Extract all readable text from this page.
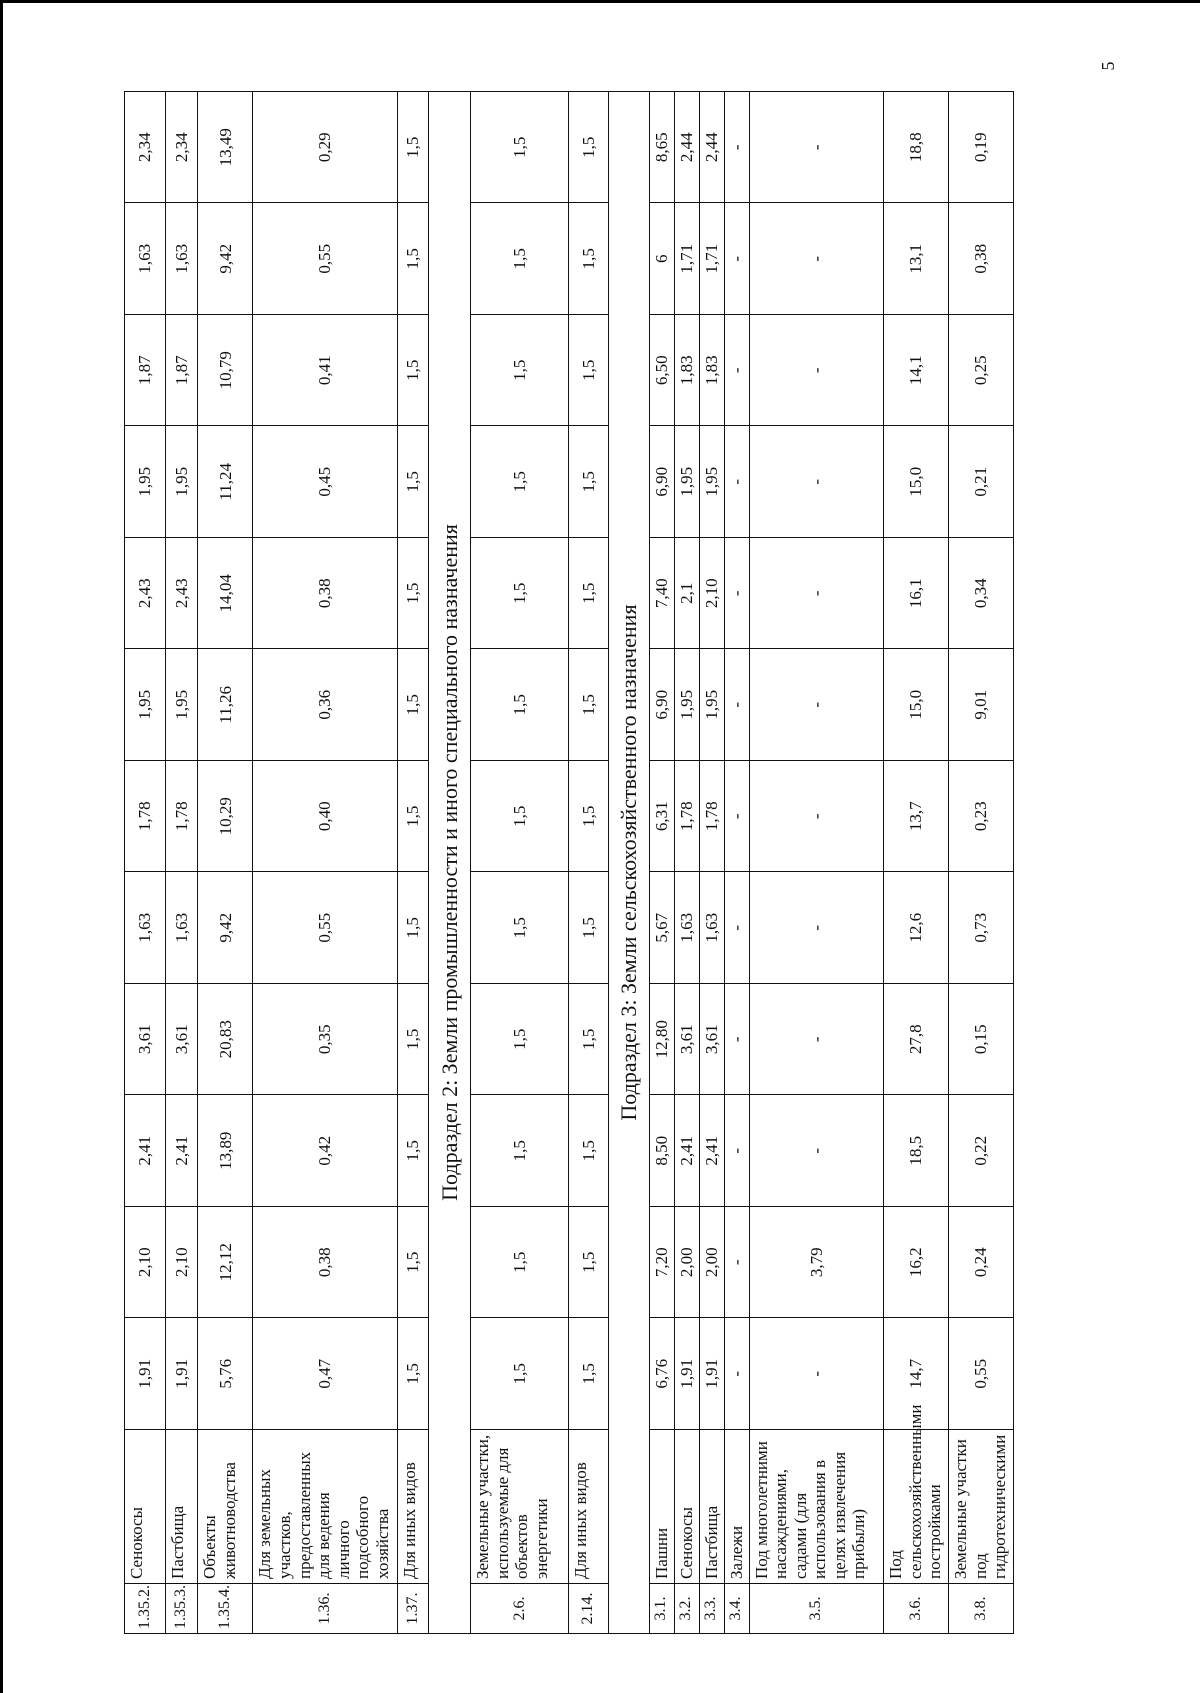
5
1.35.2.	Сенокосы	1,91	2,10	2,41	3,61	1,63	1,78	1,95	2,43	1,95	1,87	1,63	2,34
1.35.3.	Пастбища	1,91	2,10	2,41	3,61	1,63	1,78	1,95	2,43	1,95	1,87	1,63	2,34
1.35.4.	Объекты животноводства	5,76	12,12	13,89	20,83	9,42	10,29	11,26	14,04	11,24	10,79	9,42	13,49
1.36.	Для земельных участков, предоставленных для ведения личного подсобного хозяйства	0,47	0,38	0,42	0,35	0,55	0,40	0,36	0,38	0,45	0,41	0,55	0,29
1.37.	Для иных видов	1,5	1,5	1,5	1,5	1,5	1,5	1,5	1,5	1,5	1,5	1,5	1,5
Подраздел 2: Земли промышленности и иного специального назначения													
2.6.	Земельные участки, используемые для объектов энергетики	1,5	1,5	1,5	1,5	1,5	1,5	1,5	1,5	1,5	1,5	1,5	1,5
2.14.	Для иных видов	1,5	1,5	1,5	1,5	1,5	1,5	1,5	1,5	1,5	1,5	1,5	1,5
Подраздел 3: Земли сельскохозяйственного назначения													
3.1.	Пашни	6,76	7,20	8,50	12,80	5,67	6,31	6,90	7,40	6,90	6,50	6	8,65
3.2.	Сенокосы	1,91	2,00	2,41	3,61	1,63	1,78	1,95	2,1	1,95	1,83	1,71	2,44
3.3.	Пастбища	1,91	2,00	2,41	3,61	1,63	1,78	1,95	2,10	1,95	1,83	1,71	2,44
3.4.	Залежи	-	-	-	-	-	-	-	-	-	-	-	-
3.5.	Под многолетними насаждениями, садами (для использования в целях извлечения прибыли)	-	3,79	-	-	-	-	-	-	-	-	-	-
3.6.	Под сельскохозяйственными постройками	14,7	16,2	18,5	27,8	12,6	13,7	15,0	16,1	15,0	14,1	13,1	18,8
3.8.	Земельные участки под гидротехническими	0,55	0,24	0,22	0,15	0,73	0,23	9,01	0,34	0,21	0,25	0,38	0,19
